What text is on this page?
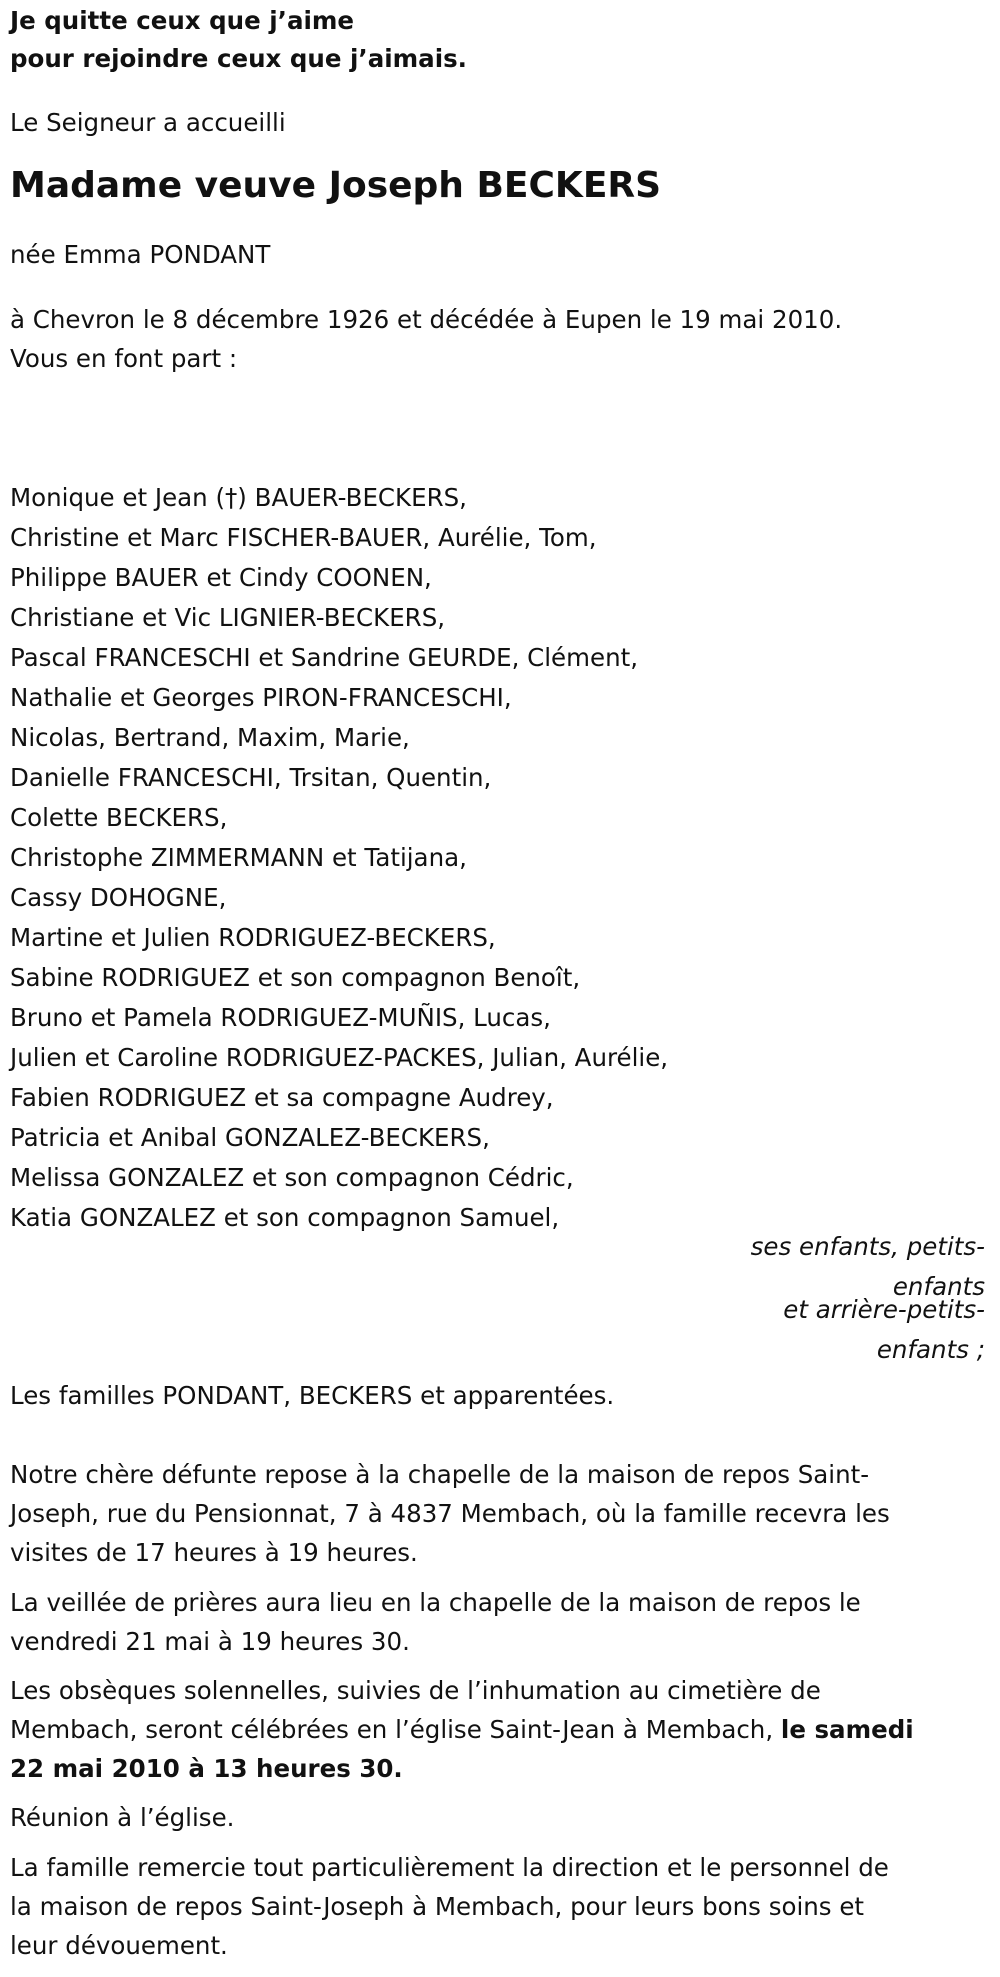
Je quitte ceux que j’aime
pour rejoindre ceux que j’aimais.
Le Seigneur a accueilli
Madame veuve Joseph BECKERS
née Emma PONDANT
à Chevron le 8 décembre 1926 et décédée à Eupen le 19 mai 2010.
Vous en font part :
Monique et Jean (†) BAUER-BECKERS,
Christine et Marc FISCHER-BAUER, Aurélie, Tom,
Philippe BAUER et Cindy COONEN,
Christiane et Vic LIGNIER-BECKERS,
Pascal FRANCESCHI et Sandrine GEURDE, Clément,
Nathalie et Georges PIRON-FRANCESCHI,
Nicolas, Bertrand, Maxim, Marie,
Danielle FRANCESCHI, Trsitan, Quentin,
Colette BECKERS,
Christophe ZIMMERMANN et Tatijana,
Cassy DOHOGNE,
Martine et Julien RODRIGUEZ-BECKERS,
Sabine RODRIGUEZ et son compagnon Benoît,
Bruno et Pamela RODRIGUEZ-MUÑIS, Lucas,
Julien et Caroline RODRIGUEZ-PACKES, Julian, Aurélie,
Fabien RODRIGUEZ et sa compagne Audrey,
Patricia et Anibal GONZALEZ-BECKERS,
Melissa GONZALEZ et son compagnon Cédric,
Katia GONZALEZ et son compagnon Samuel,
ses enfants, petits-
enfants
et arrière-petits-
enfants ;
Les familles PONDANT, BECKERS et apparentées.
Notre chère défunte repose à la chapelle de la maison de repos Saint-
Joseph, rue du Pensionnat, 7 à 4837 Membach, où la famille recevra les
visites de 17 heures à 19 heures.
La veillée de prières aura lieu en la chapelle de la maison de repos le
vendredi 21 mai à 19 heures 30.
Les obsèques solennelles, suivies de l’inhumation au cimetière de
Membach, seront célébrées en l’église Saint-Jean à Membach, le samedi
22 mai 2010 à 13 heures 30.
Réunion à l’église.
La famille remercie tout particulièrement la direction et le personnel de
la maison de repos Saint-Joseph à Membach, pour leurs bons soins et
leur dévouement.
